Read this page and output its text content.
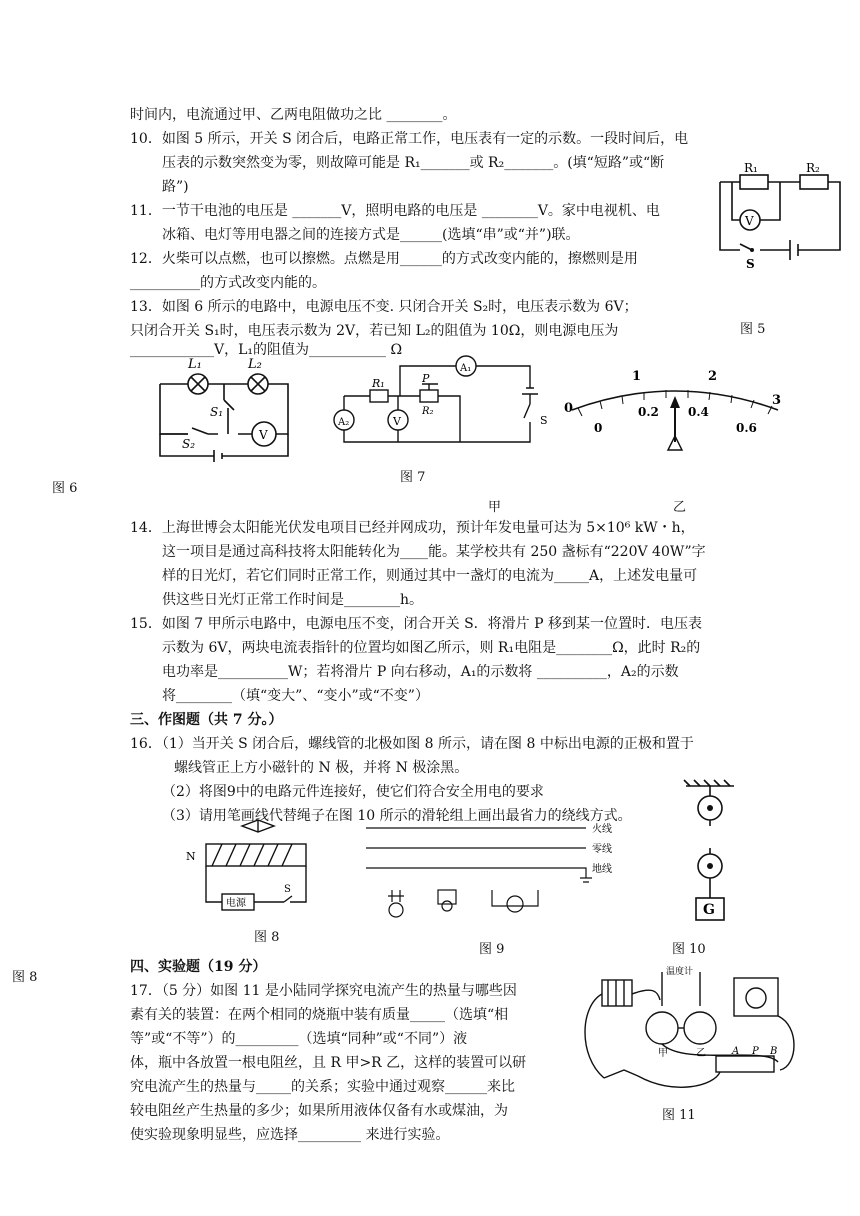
时间内，电流通过甲、乙两电阻做功之比 ________。
10．如图 5 所示，开关 S 闭合后，电路正常工作，电压表有一定的示数。一段时间后，电
压表的示数突然变为零，则故障可能是 R₁_______或 R₂_______。(填“短路”或“断
路”)
11．一节干电池的电压是 _______V，照明电路的电压是 ________V。家中电视机、电
冰箱、电灯等用电器之间的连接方式是______(选填“串”或“并”)联。
12．火柴可以点燃，也可以擦燃。点燃是用______的方式改变内能的，擦燃则是用
__________的方式改变内能的。
13．如图 6 所示的电路中，电源电压不变. 只闭合开关 S₂时，电压表示数为 6V；
只闭合开关 S₁时，电压表示数为 2V，若已知 L₂的阻值为 10Ω，则电源电压为
____________V，L₁的阻值为___________ Ω
14．上海世博会太阳能光伏发电项目已经并网成功，预计年发电量可达为 5×10⁶ kW・h，
这一项目是通过高科技将太阳能转化为____能。某学校共有 250 盏标有“220V 40W”字
样的日光灯，若它们同时正常工作，则通过其中一盏灯的电流为_____A，上述发电量可
供这些日光灯正常工作时间是________h。
15．如图 7 甲所示电路中，电源电压不变，闭合开关 S．将滑片 P 移到某一位置时．电压表
示数为 6V，两块电流表指针的位置均如图乙所示，则 R₁电阻是________Ω，此时 R₂的
电功率是__________W；若将滑片 P 向右移动，A₁的示数将 __________，A₂的示数
将________（填“变大”、“变小”或“不变”）
三、作图题（共 7 分。）
16．（1）当开关 S 闭合后，螺线管的北极如图 8 所示，请在图 8 中标出电源的正极和置于
螺线管正上方小磁针的 N 极，并将 N 极涂黑。
（2）将图9中的电路元件连接好，使它们符合安全用电的要求
（3）请用笔画线代替绳子在图 10 所示的滑轮组上画出最省力的绕线方式。
四、实验题（19 分）
17．（5 分）如图 11 是小陆同学探究电流产生的热量与哪些因
素有关的装置：在两个相同的烧瓶中装有质量_____（选填“相
等”或“不等”）的_________（选填“同种”或“不同”）液
体，瓶中各放置一根电阻丝，且 R 甲>R 乙，这样的装置可以研
究电流产生的热量与_____的关系；实验中通过观察______来比
较电阻丝产生热量的多少；如果所用液体仅备有水或煤油，为
使实验现象明显些，应选择_________ 来进行实验。
图 5
图 6
图 7
甲	乙
图 8
图 8
图 9	图 10
图 11
R₁	R₂
V
S
L₁	L₂
S₁
S₂
V
A₂	V
A₁
R₁
R₂
P
S
0
1	2
3
0
0.2 0.4
0.6
N
电源
S
火线
零线
地线
G
温度计
甲	乙	A P B
